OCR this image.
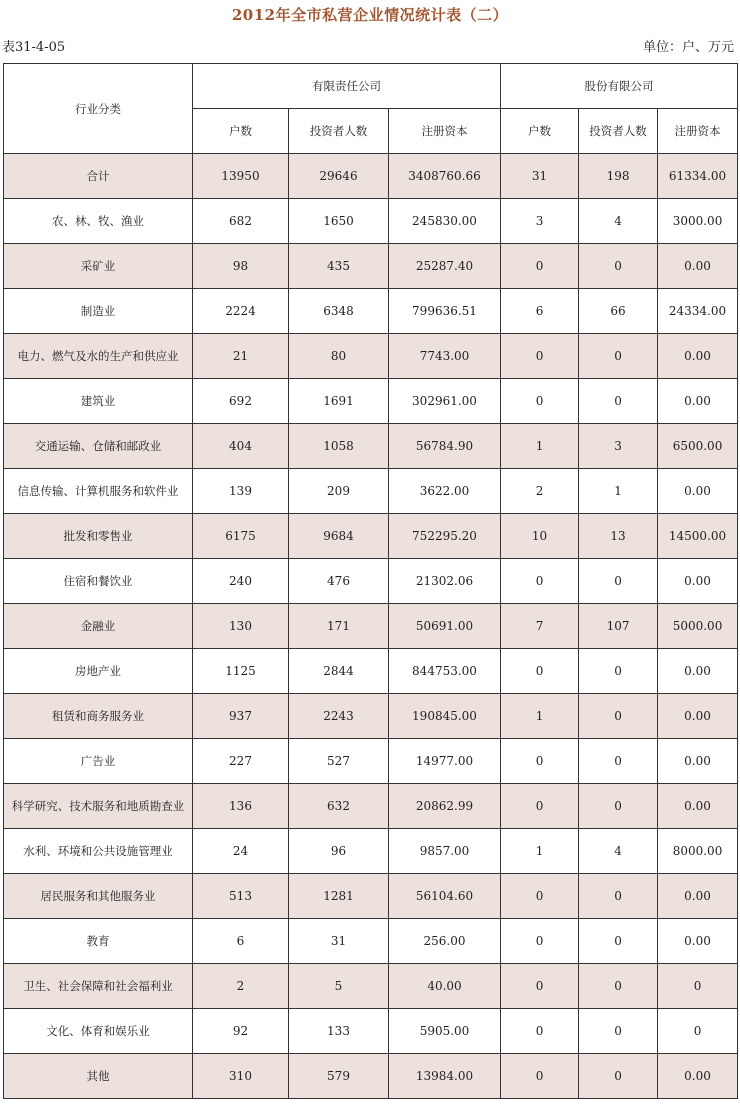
2012年全市私营企业情况统计表（二）
表31-4-05	单位：户、万元
行业分类	有限责任公司			股份有限公司		
	户数	投资者人数	注册资本	户数	投资者人数	注册资本
合计	13950	29646	3408760.66	31	198	61334.00
农、林、牧、渔业	682	1650	245830.00	3	4	3000.00
采矿业	98	435	25287.40	0	0	0.00
制造业	2224	6348	799636.51	6	66	24334.00
电力、燃气及水的生产和供应业	21	80	7743.00	0	0	0.00
建筑业	692	1691	302961.00	0	0	0.00
交通运输、仓储和邮政业	404	1058	56784.90	1	3	6500.00
信息传输、计算机服务和软件业	139	209	3622.00	2	1	0.00
批发和零售业	6175	9684	752295.20	10	13	14500.00
住宿和餐饮业	240	476	21302.06	0	0	0.00
金融业	130	171	50691.00	7	107	5000.00
房地产业	1125	2844	844753.00	0	0	0.00
租赁和商务服务业	937	2243	190845.00	1	0	0.00
广告业	227	527	14977.00	0	0	0.00
科学研究、技术服务和地质勘查业	136	632	20862.99	0	0	0.00
水利、环境和公共设施管理业	24	96	9857.00	1	4	8000.00
居民服务和其他服务业	513	1281	56104.60	0	0	0.00
教育	6	31	256.00	0	0	0.00
卫生、社会保障和社会福利业	2	5	40.00	0	0	0
文化、体育和娱乐业	92	133	5905.00	0	0	0
其他	310	579	13984.00	0	0	0.00
